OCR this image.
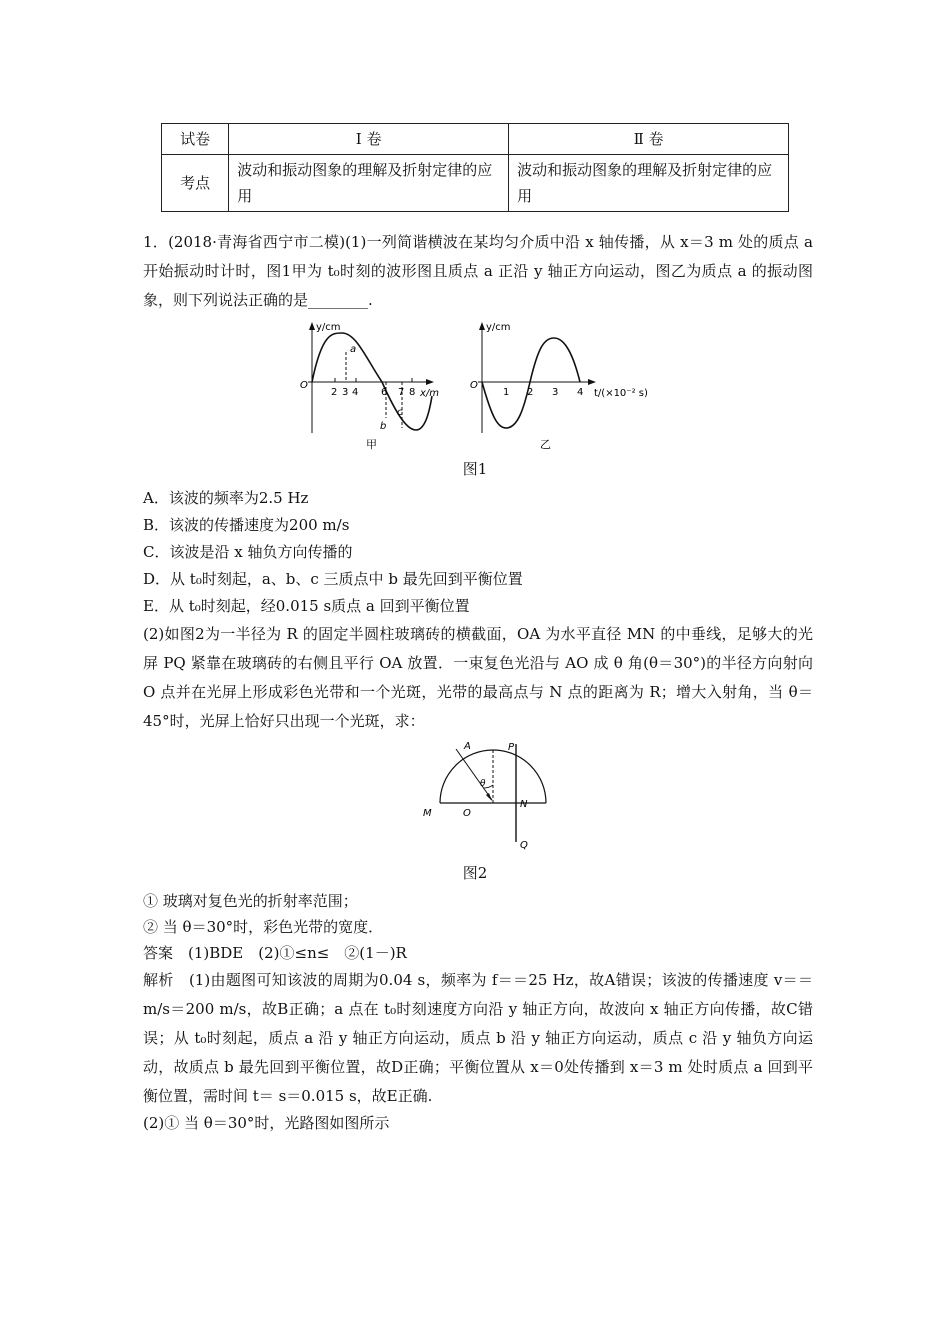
试卷	Ⅰ 卷	Ⅱ 卷
考点	波动和振动图象的理解及折射定律的应用	波动和振动图象的理解及折射定律的应用
1．(2018·青海省西宁市二模)(1)一列简谐横波在某均匀介质中沿 x 轴传播，从 x＝3 m 处的质点 a 开始振动时计时，图1甲为 t₀时刻的波形图且质点 a 正沿 y 轴正方向运动，图乙为质点 a 的振动图象，则下列说法正确的是________.
y/cm
x/m
O
2 3 4 6 7 8
a
b
c
甲
y/cm
t/(×10⁻² s)
O
1 2 3 4
乙
图1
A．该波的频率为2.5 Hz
B．该波的传播速度为200 m/s
C．该波是沿 x 轴负方向传播的
D．从 t₀时刻起，a、b、c 三质点中 b 最先回到平衡位置
E．从 t₀时刻起，经0.015 s质点 a 回到平衡位置
(2)如图2为一半径为 R 的固定半圆柱玻璃砖的横截面，OA 为水平直径 MN 的中垂线，足够大的光屏 PQ 紧靠在玻璃砖的右侧且平行 OA 放置．一束复色光沿与 AO 成 θ 角(θ＝30°)的半径方向射向 O 点并在光屏上形成彩色光带和一个光斑，光带的最高点与 N 点的距离为 R；增大入射角，当 θ＝45°时，光屏上恰好只出现一个光斑，求：
A	P
θ
M	O
N
Q
图2
① 玻璃对复色光的折射率范围；
② 当 θ＝30°时，彩色光带的宽度．
答案　(1)BDE　(2)①≤n≤　②(1－)R
解析　(1)由题图可知该波的周期为0.04 s，频率为 f＝＝25 Hz，故A错误；该波的传播速度 v＝＝ m/s＝200 m/s，故B正确；a 点在 t₀时刻速度方向沿 y 轴正方向，故波向 x 轴正方向传播，故C错误；从 t₀时刻起，质点 a 沿 y 轴正方向运动，质点 b 沿 y 轴正方向运动，质点 c 沿 y 轴负方向运动，故质点 b 最先回到平衡位置，故D正确；平衡位置从 x＝0处传播到 x＝3 m 处时质点 a 回到平衡位置，需时间 t＝ s＝0.015 s，故E正确.
(2)① 当 θ＝30°时，光路图如图所示
